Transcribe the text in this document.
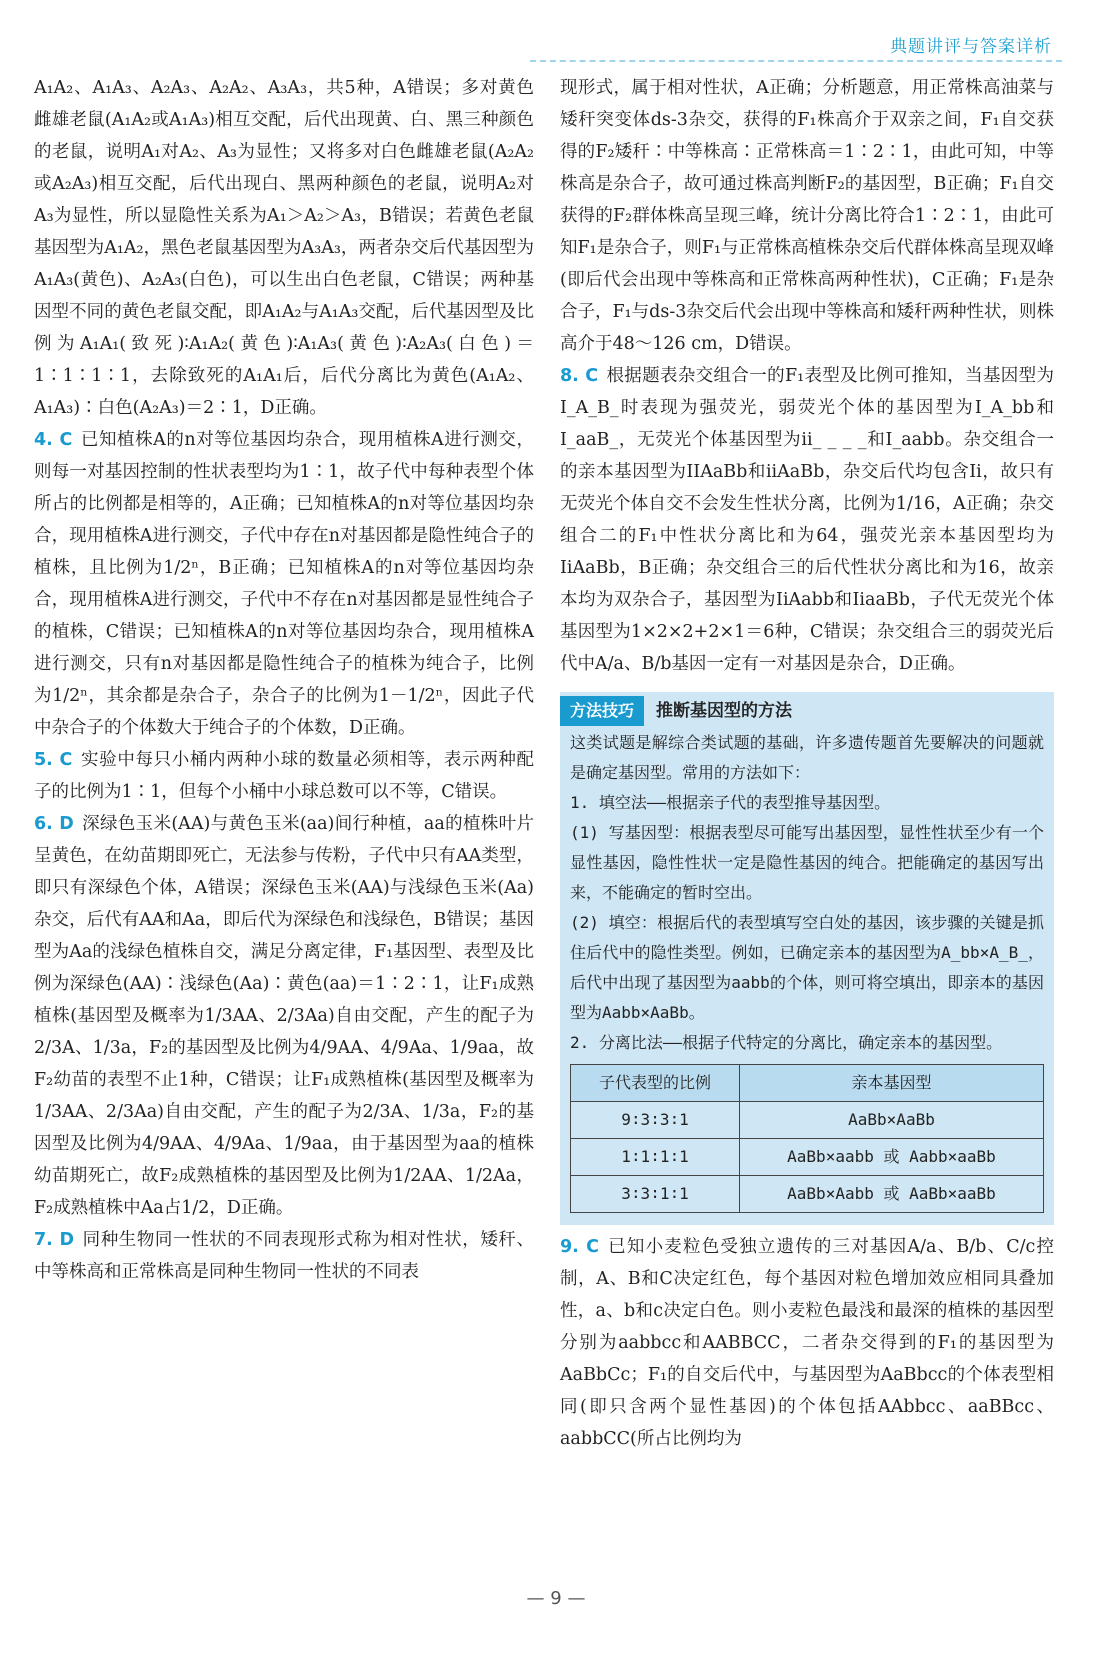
典题讲评与答案详析

A₁A₂、A₁A₃、A₂A₃、A₂A₂、A₃A₃，共5种，A错误；多对黄色雌雄老鼠(A₁A₂或A₁A₃)相互交配，后代出现黄、白、黑三种颜色的老鼠，说明A₁对A₂、A₃为显性；又将多对白色雌雄老鼠(A₂A₂或A₂A₃)相互交配，后代出现白、黑两种颜色的老鼠，说明A₂对A₃为显性，所以显隐性关系为A₁＞A₂＞A₃，B错误；若黄色老鼠基因型为A₁A₂，黑色老鼠基因型为A₃A₃，两者杂交后代基因型为A₁A₃(黄色)、A₂A₃(白色)，可以生出白色老鼠，C错误；两种基因型不同的黄色老鼠交配，即A₁A₂与A₁A₃交配，后代基因型及比例为A₁A₁(致死)∶A₁A₂(黄色)∶A₁A₃(黄色)∶A₂A₃(白色)＝1∶1∶1∶1，去除致死的A₁A₁后，后代分离比为黄色(A₁A₂、A₁A₃)∶白色(A₂A₃)＝2∶1，D正确。

4. C 已知植株A的n对等位基因均杂合，现用植株A进行测交，则每一对基因控制的性状表型均为1∶1，故子代中每种表型个体所占的比例都是相等的，A正确；已知植株A的n对等位基因均杂合，现用植株A进行测交，子代中存在n对基因都是隐性纯合子的植株，且比例为1/2ⁿ，B正确；已知植株A的n对等位基因均杂合，现用植株A进行测交，子代中不存在n对基因都是显性纯合子的植株，C错误；已知植株A的n对等位基因均杂合，现用植株A进行测交，只有n对基因都是隐性纯合子的植株为纯合子，比例为1/2ⁿ，其余都是杂合子，杂合子的比例为1－1/2ⁿ，因此子代中杂合子的个体数大于纯合子的个体数，D正确。

5. C 实验中每只小桶内两种小球的数量必须相等，表示两种配子的比例为1∶1，但每个小桶中小球总数可以不等，C错误。

6. D 深绿色玉米(AA)与黄色玉米(aa)间行种植，aa的植株叶片呈黄色，在幼苗期即死亡，无法参与传粉，子代中只有AA类型，即只有深绿色个体，A错误；深绿色玉米(AA)与浅绿色玉米(Aa)杂交，后代有AA和Aa，即后代为深绿色和浅绿色，B错误；基因型为Aa的浅绿色植株自交，满足分离定律，F₁基因型、表型及比例为深绿色(AA)∶浅绿色(Aa)∶黄色(aa)＝1∶2∶1，让F₁成熟植株(基因型及概率为1/3AA、2/3Aa)自由交配，产生的配子为2/3A、1/3a，F₂的基因型及比例为4/9AA、4/9Aa、1/9aa，故F₂幼苗的表型不止1种，C错误；让F₁成熟植株(基因型及概率为1/3AA、2/3Aa)自由交配，产生的配子为2/3A、1/3a，F₂的基因型及比例为4/9AA、4/9Aa、1/9aa，由于基因型为aa的植株幼苗期死亡，故F₂成熟植株的基因型及比例为1/2AA、1/2Aa，F₂成熟植株中Aa占1/2，D正确。

7. D 同种生物同一性状的不同表现形式称为相对性状，矮秆、中等株高和正常株高是同种生物同一性状的不同表

现形式，属于相对性状，A正确；分析题意，用正常株高油菜与矮秆突变体ds-3杂交，获得的F₁株高介于双亲之间，F₁自交获得的F₂矮秆∶中等株高∶正常株高＝1∶2∶1，由此可知，中等株高是杂合子，故可通过株高判断F₂的基因型，B正确；F₁自交获得的F₂群体株高呈现三峰，统计分离比符合1∶2∶1，由此可知F₁是杂合子，则F₁与正常株高植株杂交后代群体株高呈现双峰(即后代会出现中等株高和正常株高两种性状)，C正确；F₁是杂合子，F₁与ds-3杂交后代会出现中等株高和矮秆两种性状，则株高介于48～126 cm，D错误。

8. C 根据题表杂交组合一的F₁表型及比例可推知，当基因型为I_A_B_时表现为强荧光，弱荧光个体的基因型为I_A_bb和I_aaB_，无荧光个体基因型为ii_ _ _ _和I_aabb。杂交组合一的亲本基因型为IIAaBb和iiAaBb，杂交后代均包含Ii，故只有无荧光个体自交不会发生性状分离，比例为1/16，A正确；杂交组合二的F₁中性状分离比和为64，强荧光亲本基因型均为IiAaBb，B正确；杂交组合三的后代性状分离比和为16，故亲本均为双杂合子，基因型为IiAabb和IiaaBb，子代无荧光个体基因型为1×2×2+2×1＝6种，C错误；杂交组合三的弱荧光后代中A/a、B/b基因一定有一对基因是杂合，D正确。

方法技巧	推断基因型的方法

这类试题是解综合类试题的基础，许多遗传题首先要解决的问题就是确定基因型。常用的方法如下：

1. 填空法——根据亲子代的表型推导基因型。

(1) 写基因型：根据表型尽可能写出基因型，显性性状至少有一个显性基因，隐性性状一定是隐性基因的纯合。把能确定的基因写出来，不能确定的暂时空出。

(2) 填空：根据后代的表型填写空白处的基因，该步骤的关键是抓住后代中的隐性类型。例如，已确定亲本的基因型为A_bb×A_B_，后代中出现了基因型为aabb的个体，则可将空填出，即亲本的基因型为Aabb×AaBb。

2. 分离比法——根据子代特定的分离比，确定亲本的基因型。

子代表型的比例	亲本基因型
9∶3∶3∶1	AaBb×AaBb
1∶1∶1∶1	AaBb×aabb 或 Aabb×aaBb
3∶3∶1∶1	AaBb×Aabb 或 AaBb×aaBb

9. C 已知小麦粒色受独立遗传的三对基因A/a、B/b、C/c控制，A、B和C决定红色，每个基因对粒色增加效应相同具叠加性，a、b和c决定白色。则小麦粒色最浅和最深的植株的基因型分别为aabbcc和AABBCC，二者杂交得到的F₁的基因型为AaBbCc；F₁的自交后代中，与基因型为AaBbcc的个体表型相同(即只含两个显性基因)的个体包括AAbbcc、aaBBcc、aabbCC(所占比例均为

— 9 —
